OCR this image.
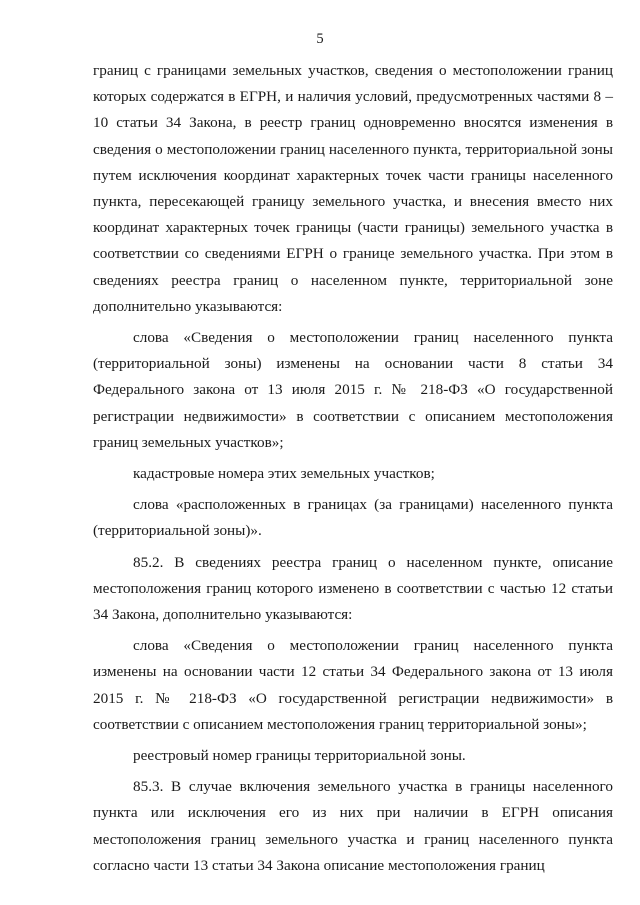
5

границ с границами земельных участков, сведения о местоположении границ которых содержатся в ЕГРН, и наличия условий, предусмотренных частями 8 – 10 статьи 34 Закона, в реестр границ одновременно вносятся изменения в сведения о местоположении границ населенного пункта, территориальной зоны путем исключения координат характерных точек части границы населенного пункта, пересекающей границу земельного участка, и внесения вместо них координат характерных точек границы (части границы) земельного участка в соответствии со сведениями ЕГРН о границе земельного участка. При этом в сведениях реестра границ о населенном пункте, территориальной зоне дополнительно указываются:

слова «Сведения о местоположении границ населенного пункта (территориальной зоны) изменены на основании части 8 статьи 34 Федерального закона от 13 июля 2015 г. № 218-ФЗ «О государственной регистрации недвижимости» в соответствии с описанием местоположения границ земельных участков»;

кадастровые номера этих земельных участков;

слова «расположенных в границах (за границами) населенного пункта (территориальной зоны)».

85.2. В сведениях реестра границ о населенном пункте, описание местоположения границ которого изменено в соответствии с частью 12 статьи 34 Закона, дополнительно указываются:

слова «Сведения о местоположении границ населенного пункта изменены на основании части 12 статьи 34 Федерального закона от 13 июля 2015 г. № 218-ФЗ «О государственной регистрации недвижимости» в соответствии с описанием местоположения границ территориальной зоны»;

реестровый номер границы территориальной зоны.

85.3. В случае включения земельного участка в границы населенного пункта или исключения его из них при наличии в ЕГРН описания местоположения границ земельного участка и границ населенного пункта согласно части 13 статьи 34 Закона описание местоположения границ
